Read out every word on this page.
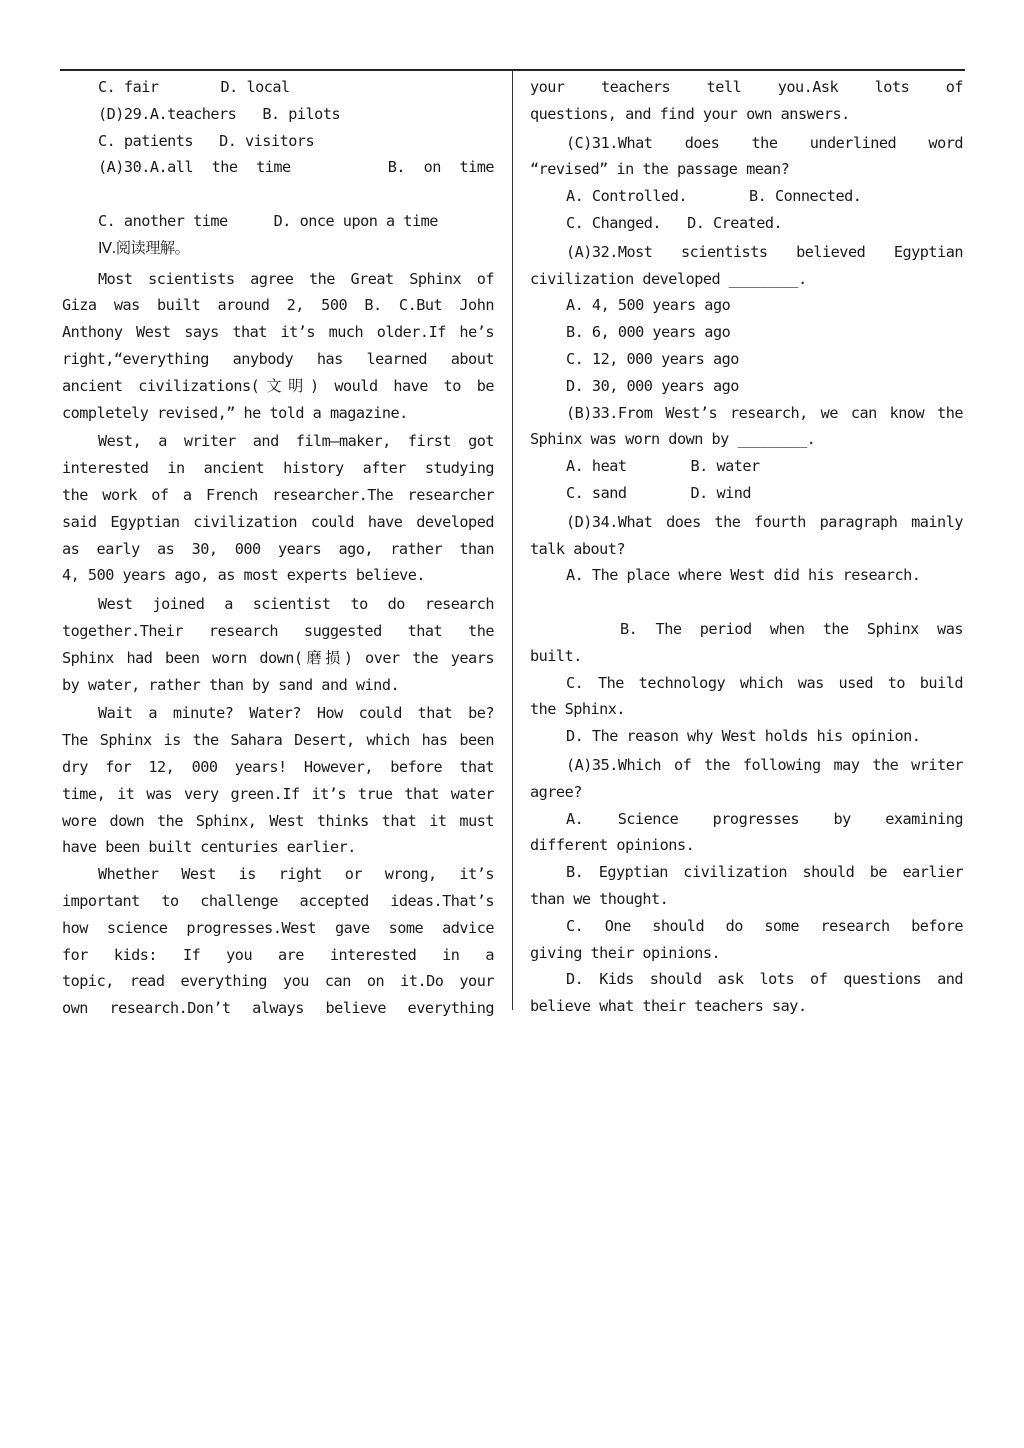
C. fair	D. local
(D)29.A.teachers B. pilots
C. patients D. visitors
(A)30.A.all the time	B. on time
C. another time	D. once upon a time
Ⅳ.阅读理解。
Most scientists agree the Great Sphinx of
Giza was built around 2, 500 B. C.But John
Anthony West says that it’s much older.If he’s
right,“everything anybody has learned about
ancient civilizations(文明) would have to be
completely revised,” he told a magazine.
West, a writer and film—maker, first got
interested in ancient history after studying
the work of a French researcher.The researcher
said Egyptian civilization could have developed
as early as 30, 000 years ago, rather than
4, 500 years ago, as most experts believe.
West joined a scientist to do research
together.Their research suggested that the
Sphinx had been worn down(磨损) over the years
by water, rather than by sand and wind.
Wait a minute? Water? How could that be?
The Sphinx is the Sahara Desert, which has been
dry for 12, 000 years! However, before that
time, it was very green.If it’s true that water
wore down the Sphinx, West thinks that it must
have been built centuries earlier.
Whether West is right or wrong, it’s
important to challenge accepted ideas.That’s
how science progresses.West gave some advice
for kids: If you are interested in a
topic, read everything you can on it.Do your
own research.Don’t always believe everything
your teachers tell you.Ask lots of
questions, and find your own answers.
(C)31.What does the underlined word
“revised” in the passage mean?
A. Controlled.	B. Connected.
C. Changed. D. Created.
(A)32.Most scientists believed Egyptian
civilization developed ________.
A. 4, 500 years ago
B. 6, 000 years ago
C. 12, 000 years ago
D. 30, 000 years ago
(B)33.From West’s research, we can know the
Sphinx was worn down by ________.
A. heat	B. water
C. sand	D. wind
(D)34.What does the fourth paragraph mainly
talk about?
A. The place where West did his research.
B. The period when the Sphinx was
built.
C. The technology which was used to build
the Sphinx.
D. The reason why West holds his opinion.
(A)35.Which of the following may the writer
agree?
A. Science progresses by examining
different opinions.
B. Egyptian civilization should be earlier
than we thought.
C. One should do some research before
giving their opinions.
D. Kids should ask lots of questions and
believe what their teachers say.
